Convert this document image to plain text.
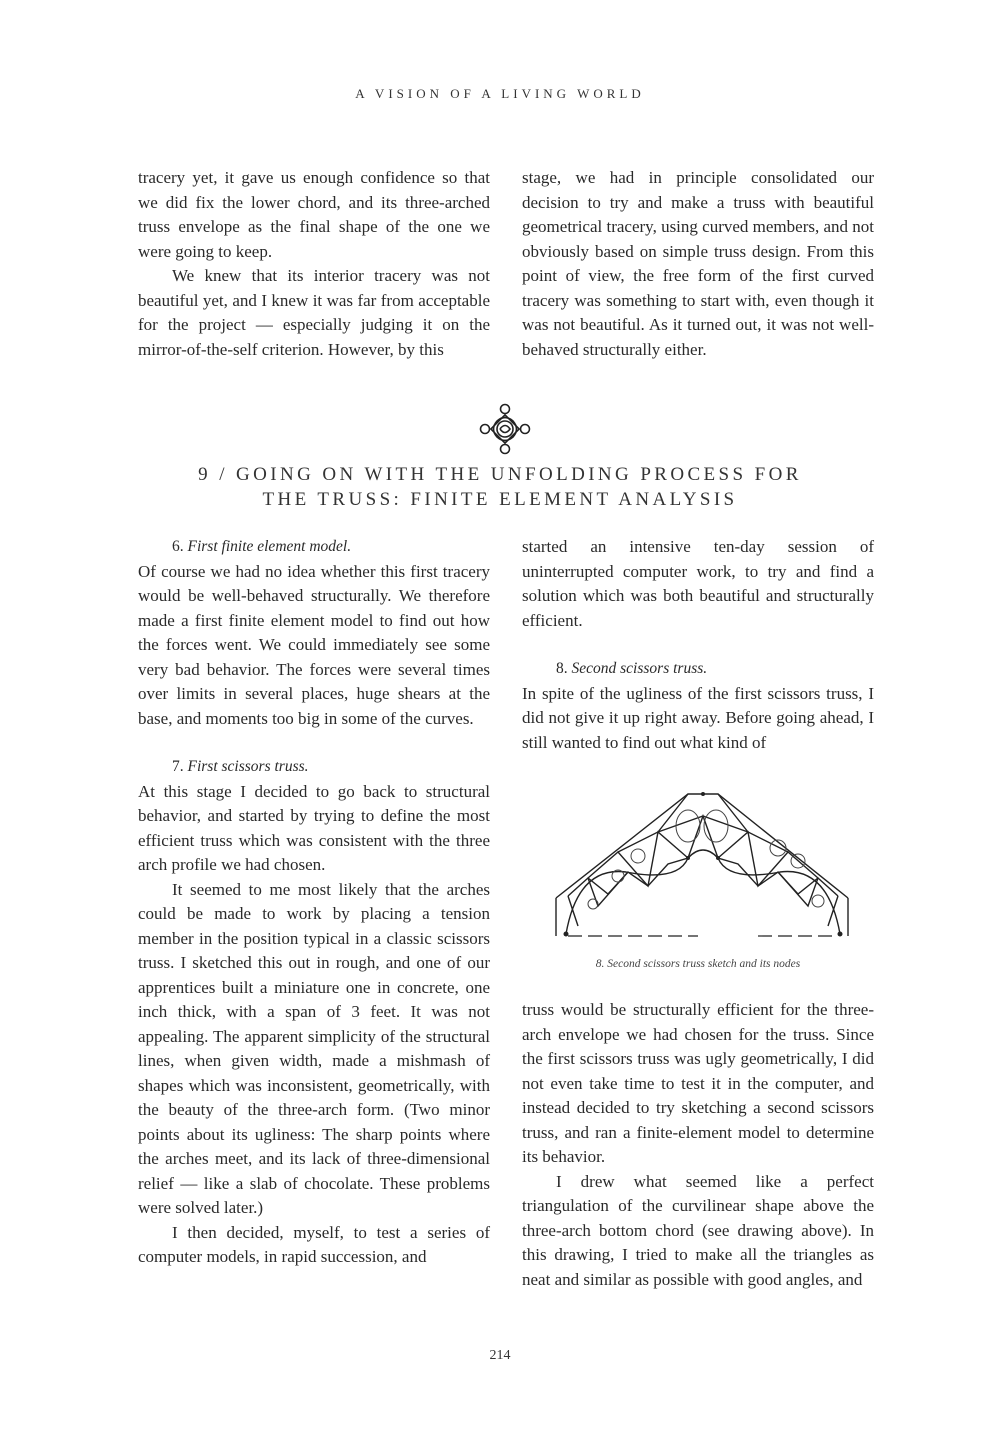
A VISION OF A LIVING WORLD

tracery yet, it gave us enough confidence so that we did fix the lower chord, and its three-arched truss envelope as the final shape of the one we were going to keep.

We knew that its interior tracery was not beautiful yet, and I knew it was far from acceptable for the project — especially judging it on the mirror-of-the-self criterion. However, by this

stage, we had in principle consolidated our decision to try and make a truss with beautiful geometrical tracery, using curved members, and not obviously based on simple truss design. From this point of view, the free form of the first curved tracery was something to start with, even though it was not beautiful. As it turned out, it was not well-behaved structurally either.

9 / GOING ON WITH THE UNFOLDING PROCESS FOR
THE TRUSS: FINITE ELEMENT ANALYSIS
6. First finite element model.

Of course we had no idea whether this first tracery would be well-behaved structurally. We therefore made a first finite element model to find out how the forces went. We could immediately see some very bad behavior. The forces were several times over limits in several places, huge shears at the base, and moments too big in some of the curves.

7. First scissors truss.

At this stage I decided to go back to structural behavior, and started by trying to define the most efficient truss which was consistent with the three arch profile we had chosen.

It seemed to me most likely that the arches could be made to work by placing a tension member in the position typical in a classic scissors truss. I sketched this out in rough, and one of our apprentices built a miniature one in concrete, one inch thick, with a span of 3 feet. It was not appealing. The apparent simplicity of the structural lines, when given width, made a mishmash of shapes which was inconsistent, geometrically, with the beauty of the three-arch form. (Two minor points about its ugliness: The sharp points where the arches meet, and its lack of three-dimensional relief — like a slab of chocolate. These problems were solved later.)

I then decided, myself, to test a series of computer models, in rapid succession, and

started an intensive ten-day session of uninterrupted computer work, to try and find a solution which was both beautiful and structurally efficient.

8. Second scissors truss.

In spite of the ugliness of the first scissors truss, I did not give it up right away. Before going ahead, I still wanted to find out what kind of

8. Second scissors truss sketch and its nodes

truss would be structurally efficient for the three-arch envelope we had chosen for the truss. Since the first scissors truss was ugly geometrically, I did not even take time to test it in the computer, and instead decided to try sketching a second scissors truss, and ran a finite-element model to determine its behavior.

I drew what seemed like a perfect triangulation of the curvilinear shape above the three-arch bottom chord (see drawing above). In this drawing, I tried to make all the triangles as neat and similar as possible with good angles, and

214
